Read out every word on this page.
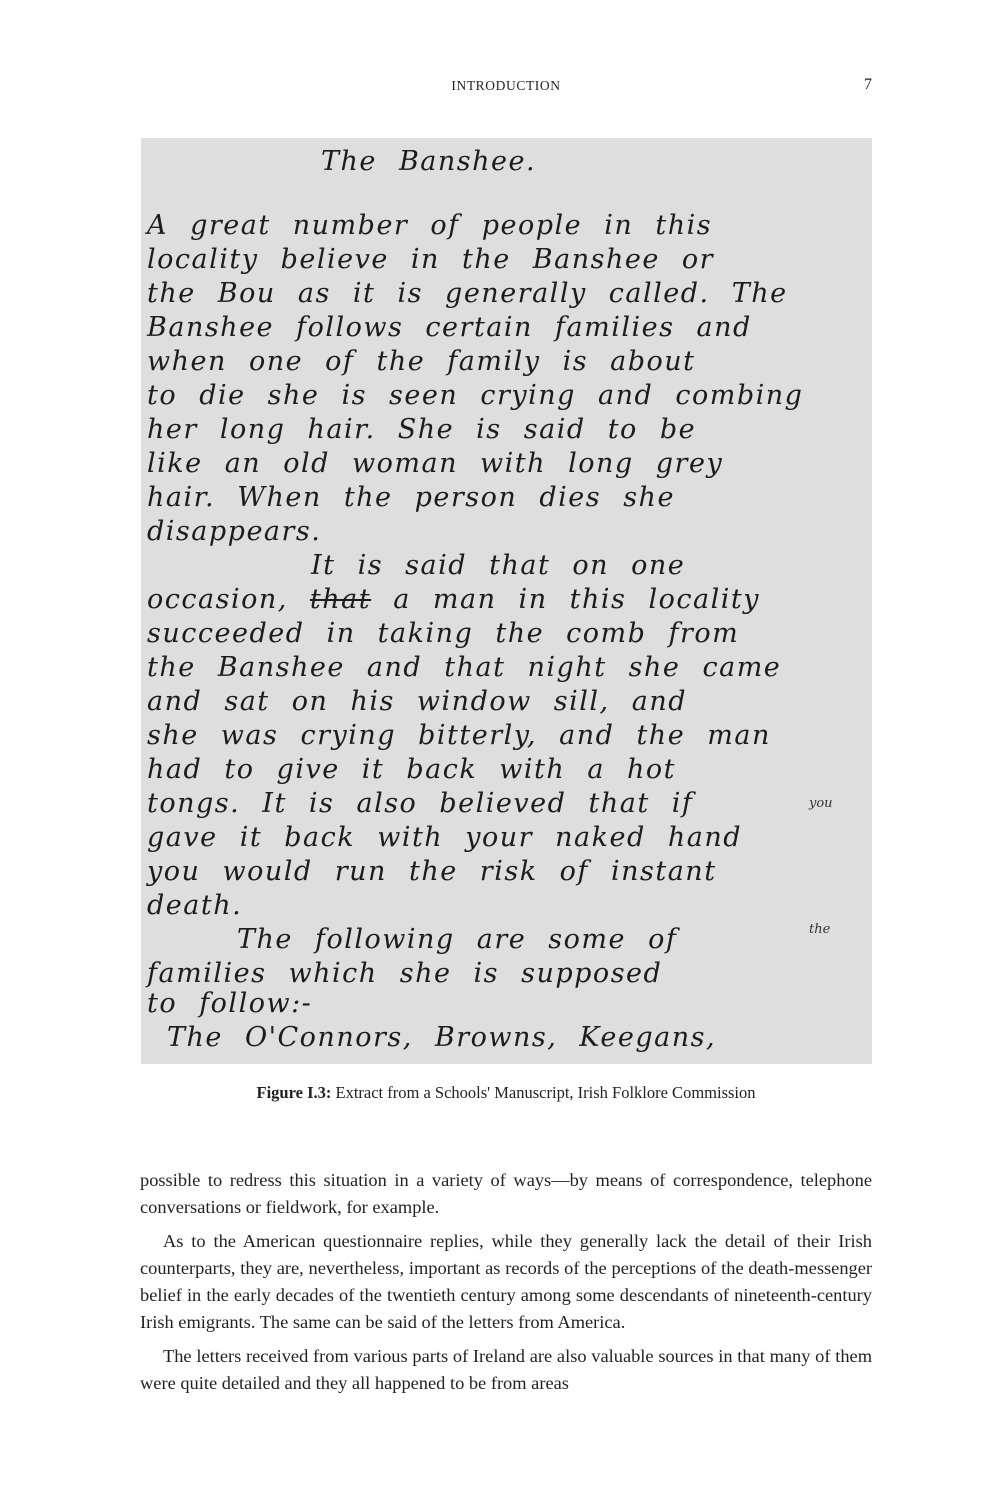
INTRODUCTION	7
The Banshee.
A great number of people in this
locality believe in the Banshee or
the Bou as it is generally called. The
Banshee follows certain families and
when one of the family is about
to die she is seen crying and combing
her long hair. She is said to be
like an old woman with long grey
hair. When the person dies she
disappears.
It is said that on one
occasion, that a man in this locality
succeeded in taking the comb from
the Banshee and that night she came
and sat on his window sill, and
she was crying bitterly, and the man
had to give it back with a hot
tongs. It is also believed that if	you
gave it back with your naked hand
you would run the risk of instant
death.
The following are some of	the
families which she is supposed
to follow:-
The O'Connors, Browns, Keegans,
Figure I.3: Extract from a Schools' Manuscript, Irish Folklore Commission

possible to redress this situation in a variety of ways—by means of correspondence, telephone conversations or fieldwork, for example.

As to the American questionnaire replies, while they generally lack the detail of their Irish counterparts, they are, nevertheless, important as records of the perceptions of the death-messenger belief in the early decades of the twentieth century among some descendants of nineteenth-century Irish emigrants. The same can be said of the letters from America.

The letters received from various parts of Ireland are also valuable sources in that many of them were quite detailed and they all happened to be from areas
